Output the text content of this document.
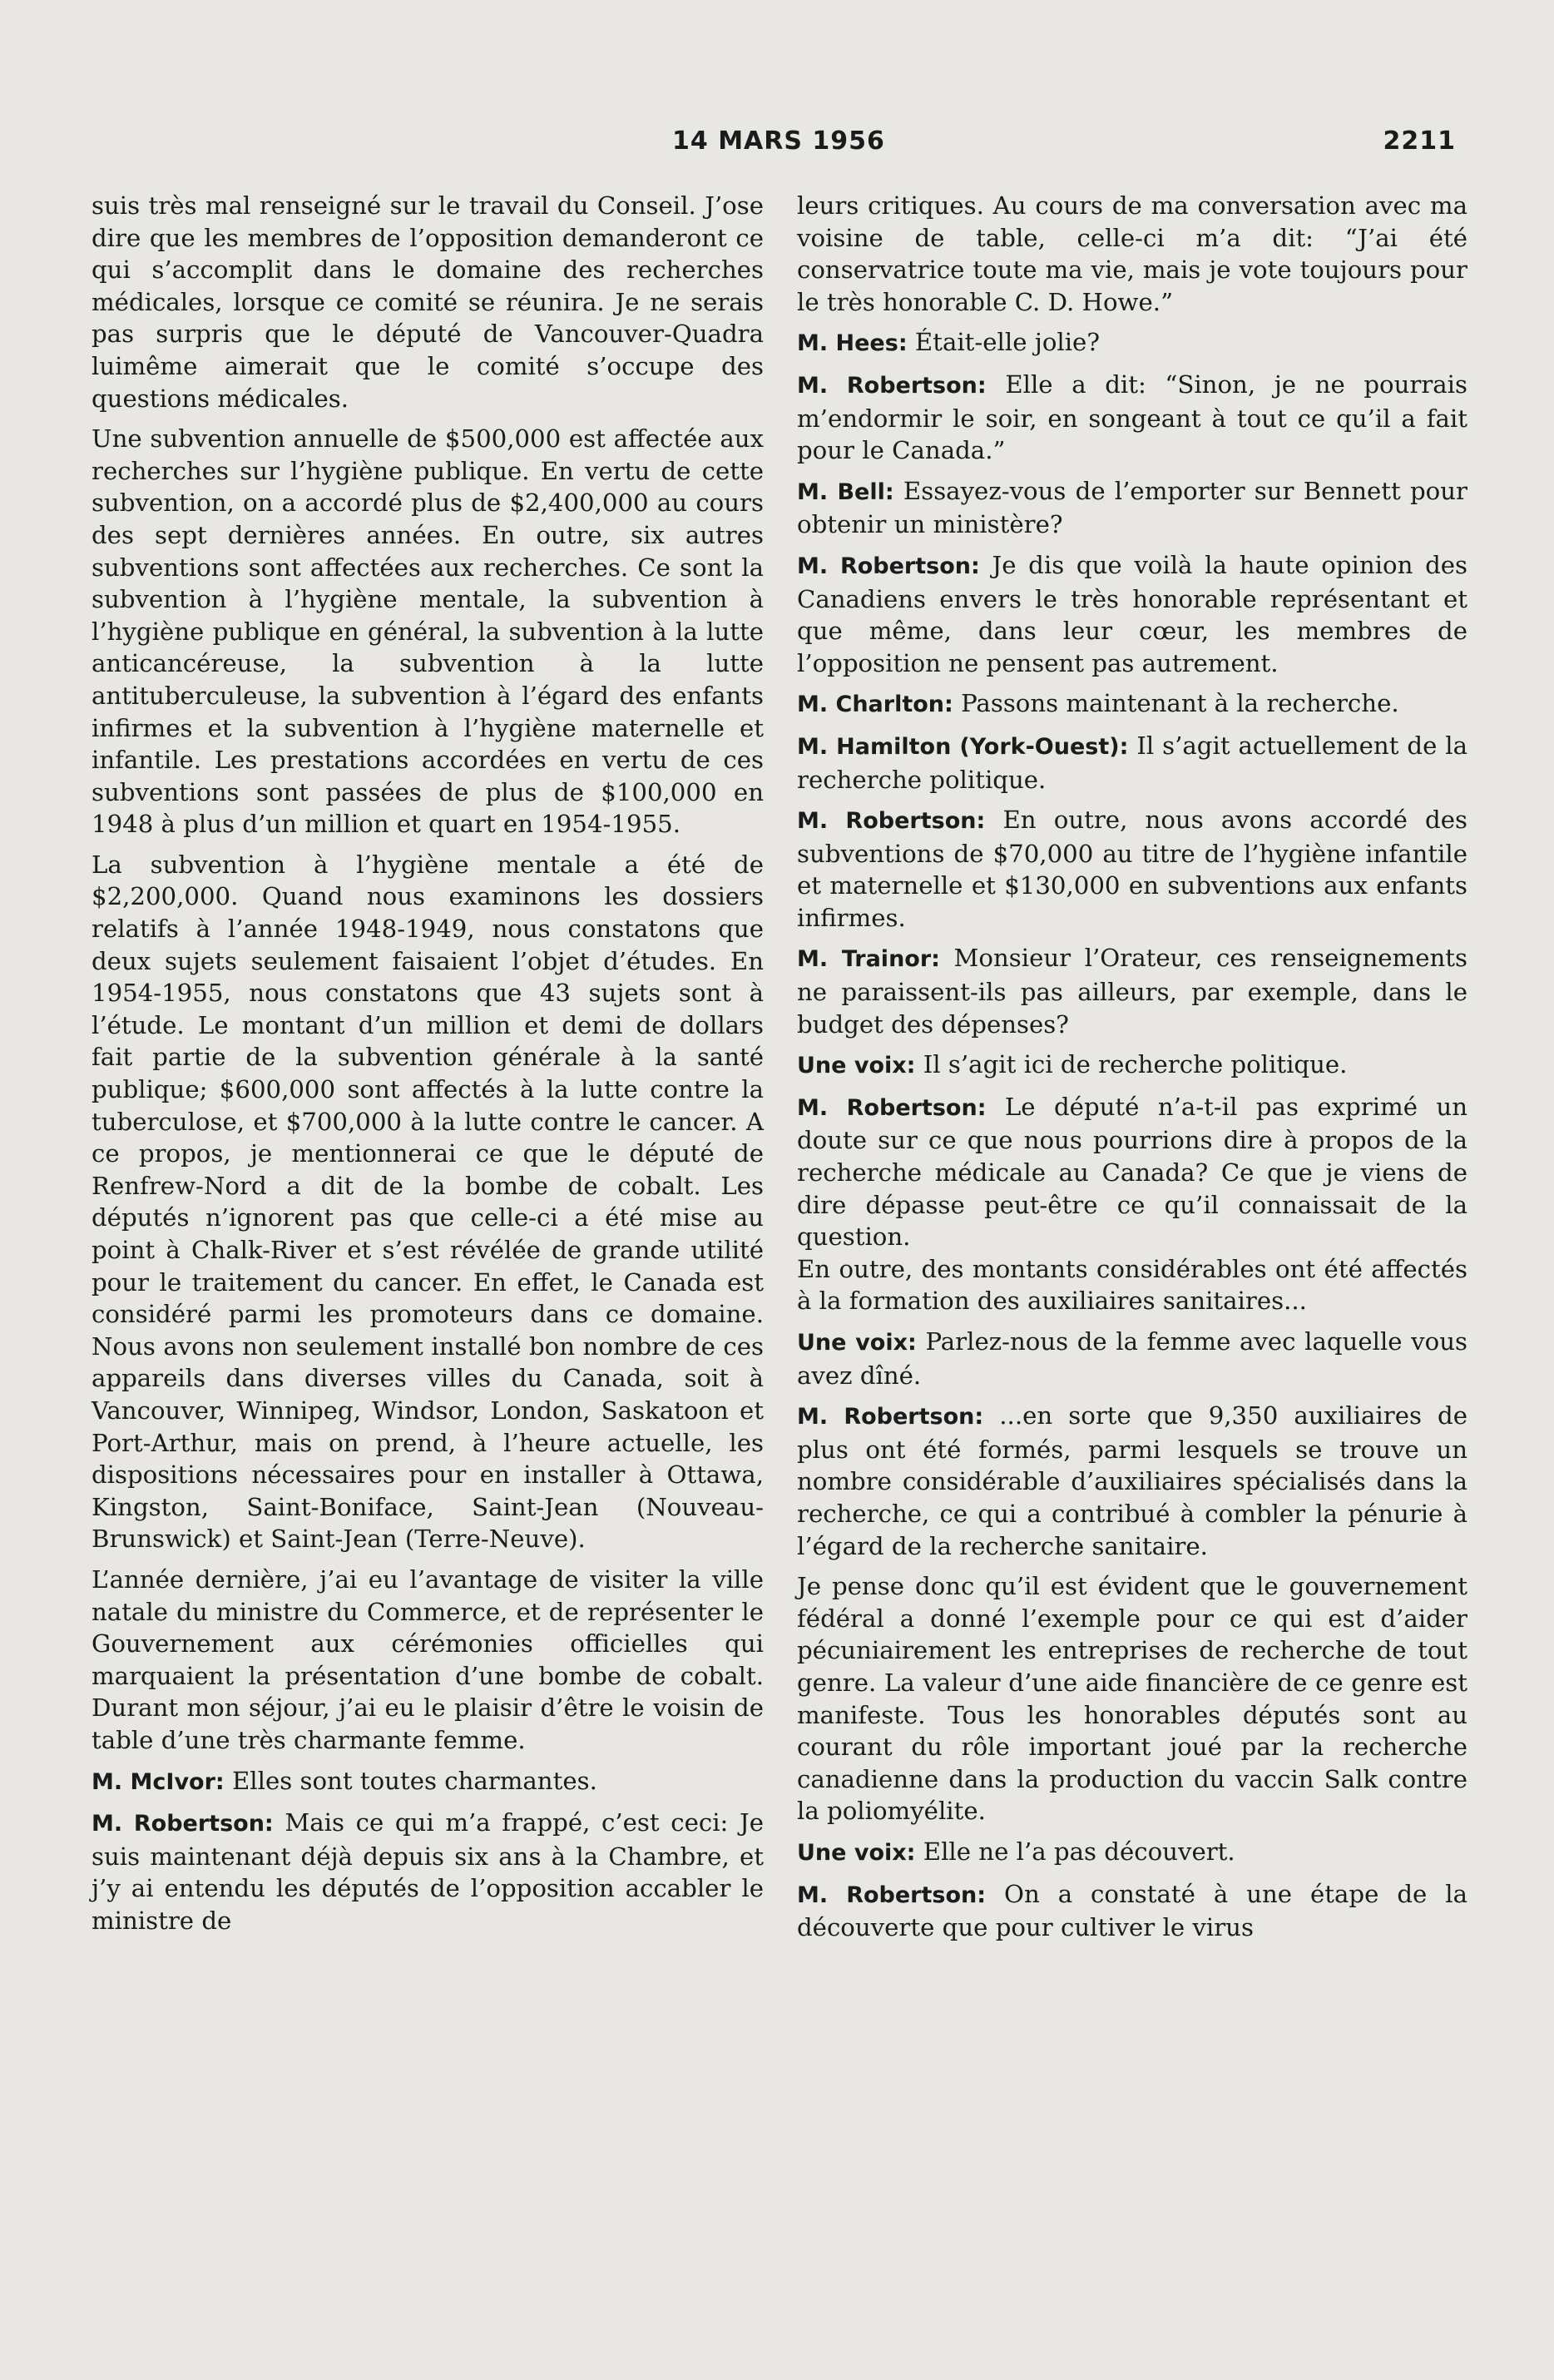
14 MARS 1956	2211

suis très mal renseigné sur le travail du Conseil. J’ose dire que les membres de l’opposition demanderont ce qui s’accomplit dans le domaine des recherches médicales, lorsque ce comité se réunira. Je ne serais pas surpris que le député de Vancouver-Quadra luimême aimerait que le comité s’occupe des questions médicales.

Une subvention annuelle de $500,000 est affectée aux recherches sur l’hygiène publique. En vertu de cette subvention, on a accordé plus de $2,400,000 au cours des sept dernières années. En outre, six autres subventions sont affectées aux recherches. Ce sont la subvention à l’hygiène mentale, la subvention à l’hygiène publique en général, la subvention à la lutte anticancéreuse, la subvention à la lutte antituberculeuse, la subvention à l’égard des enfants infirmes et la subvention à l’hygiène maternelle et infantile. Les prestations accordées en vertu de ces subventions sont passées de plus de $100,000 en 1948 à plus d’un million et quart en 1954-1955.

La subvention à l’hygiène mentale a été de $2,200,000. Quand nous examinons les dossiers relatifs à l’année 1948-1949, nous constatons que deux sujets seulement faisaient l’objet d’études. En 1954-1955, nous constatons que 43 sujets sont à l’étude. Le montant d’un million et demi de dollars fait partie de la subvention générale à la santé publique; $600,000 sont affectés à la lutte contre la tuberculose, et $700,000 à la lutte contre le cancer. A ce propos, je mentionnerai ce que le député de Renfrew-Nord a dit de la bombe de cobalt. Les députés n’ignorent pas que celle-ci a été mise au point à Chalk-River et s’est révélée de grande utilité pour le traitement du cancer. En effet, le Canada est considéré parmi les promoteurs dans ce domaine. Nous avons non seulement installé bon nombre de ces appareils dans diverses villes du Canada, soit à Vancouver, Winnipeg, Windsor, London, Saskatoon et Port-Arthur, mais on prend, à l’heure actuelle, les dispositions nécessaires pour en installer à Ottawa, Kingston, Saint-Boniface, Saint-Jean (Nouveau-Brunswick) et Saint-Jean (Terre-Neuve).

L’année dernière, j’ai eu l’avantage de visiter la ville natale du ministre du Commerce, et de représenter le Gouvernement aux cérémonies officielles qui marquaient la présentation d’une bombe de cobalt. Durant mon séjour, j’ai eu le plaisir d’être le voisin de table d’une très charmante femme.

M. McIvor: Elles sont toutes charmantes.

M. Robertson: Mais ce qui m’a frappé, c’est ceci: Je suis maintenant déjà depuis six ans à la Chambre, et j’y ai entendu les députés de l’opposition accabler le ministre de

leurs critiques. Au cours de ma conversation avec ma voisine de table, celle-ci m’a dit: “J’ai été conservatrice toute ma vie, mais je vote toujours pour le très honorable C. D. Howe.”

M. Hees: Était-elle jolie?

M. Robertson: Elle a dit: “Sinon, je ne pourrais m’endormir le soir, en songeant à tout ce qu’il a fait pour le Canada.”

M. Bell: Essayez-vous de l’emporter sur Bennett pour obtenir un ministère?

M. Robertson: Je dis que voilà la haute opinion des Canadiens envers le très honorable représentant et que même, dans leur cœur, les membres de l’opposition ne pensent pas autrement.

M. Charlton: Passons maintenant à la recherche.

M. Hamilton (York-Ouest): Il s’agit actuellement de la recherche politique.

M. Robertson: En outre, nous avons accordé des subventions de $70,000 au titre de l’hygiène infantile et maternelle et $130,000 en subventions aux enfants infirmes.

M. Trainor: Monsieur l’Orateur, ces renseignements ne paraissent-ils pas ailleurs, par exemple, dans le budget des dépenses?

Une voix: Il s’agit ici de recherche politique.

M. Robertson: Le député n’a-t-il pas exprimé un doute sur ce que nous pourrions dire à propos de la recherche médicale au Canada? Ce que je viens de dire dépasse peut-être ce qu’il connaissait de la question.

En outre, des montants considérables ont été affectés à la formation des auxiliaires sanitaires...

Une voix: Parlez-nous de la femme avec laquelle vous avez dîné.

M. Robertson: ...en sorte que 9,350 auxiliaires de plus ont été formés, parmi lesquels se trouve un nombre considérable d’auxiliaires spécialisés dans la recherche, ce qui a contribué à combler la pénurie à l’égard de la recherche sanitaire.

Je pense donc qu’il est évident que le gouvernement fédéral a donné l’exemple pour ce qui est d’aider pécuniairement les entreprises de recherche de tout genre. La valeur d’une aide financière de ce genre est manifeste. Tous les honorables députés sont au courant du rôle important joué par la recherche canadienne dans la production du vaccin Salk contre la poliomyélite.

Une voix: Elle ne l’a pas découvert.

M. Robertson: On a constaté à une étape de la découverte que pour cultiver le virus
